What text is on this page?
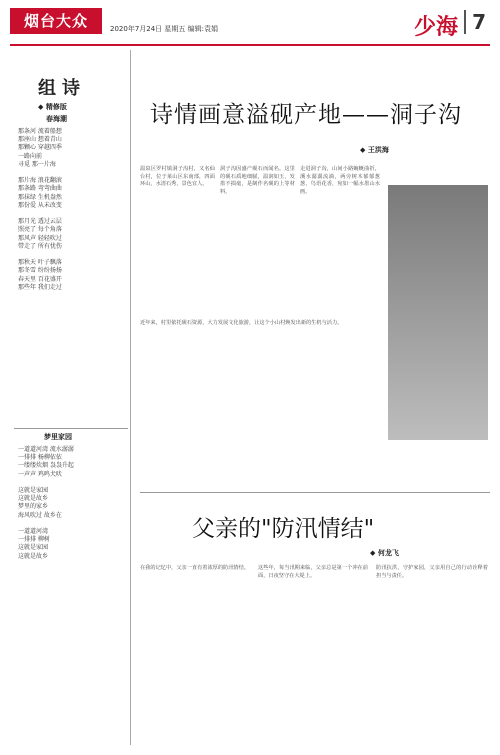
烟台大众	2020年7月24日 星期五 编辑:袁娟	少海 7
组诗
◆ 精修版
春海潮
那条河 流着船想
那座山 想着青山
那颗心 穿越四季
一路向前
寻觅 那一片海

那片海 浪花翻滚
那条路 弯弯曲曲
那抹绿 生机盎然
那份爱 从未改变

那月光 透过云层
照亮了 每个角落
那风声 轻轻吹过
带走了 所有忧伤

那秋天 叶子飘落
那冬雪 纷纷扬扬
春天里 百花盛开
那些年 我们走过
梦里家园
一道道河湾 流水潺潺
一排排 杨柳依依
一缕缕炊烟 袅袅升起
一声声 鸡鸣犬吠

这就是家园
这就是故乡
梦里的家乡
海风吹过 故乡在

一道道河湾
一排排 柳树
这就是家园
这就是故乡
诗情画意溢砚产地——洞子沟
◆ 王洪海
温泉区罗村镇洞子沟村，又名仙台村，位于莱山区东南部，四面环山，水清石秀，景色宜人。
洞子沟因盛产砚石而闻名。这里的砚石质地细腻，温润如玉，发墨不损毫，是制作名砚的上等材料。
走进洞子沟，山间小路蜿蜒曲折，溪水潺潺流淌，两旁树木郁郁葱葱，鸟语花香，宛如一幅水墨山水画。
近年来，村里依托砚石资源，大力发展文化旅游，让这个小山村焕发出新的生机与活力。
父亲的"防汛情结"
◆ 何龙飞
在我的记忆中，父亲一直有着浓厚的防汛情结。 这些年，每当汛期来临，父亲总是第一个冲在前面，日夜坚守在大堤上。
防汛抗洪，守护家园，父亲用自己的行动诠释着担当与责任。
